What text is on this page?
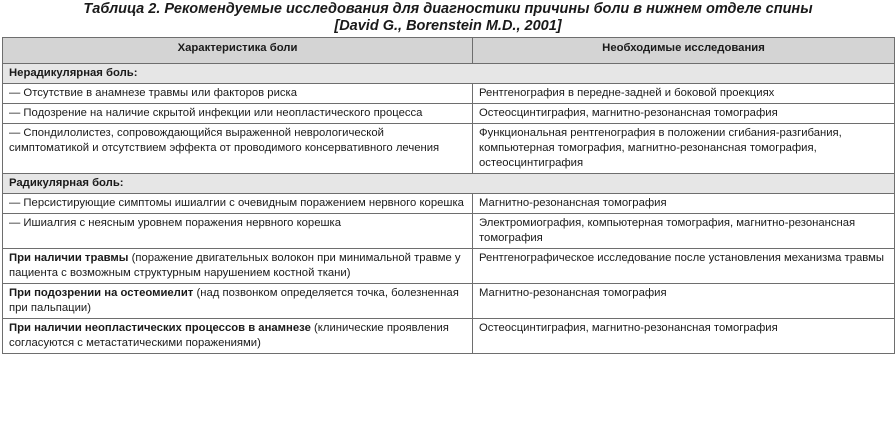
Таблица 2. Рекомендуемые исследования для диагностики причины боли в нижнем отделе спины
[David G., Borenstein M.D., 2001]
Характеристика боли	Необходимые исследования
Нерадикулярная боль:	
— Отсутствие в анамнезе травмы или факторов риска	Рентгенография в передне-задней и боковой проекциях
— Подозрение на наличие скрытой инфекции или неопластического процесса	Остеосцинтиграфия, магнитно-резонансная томография
— Спондилолистез, сопровождающийся выраженной неврологической симптоматикой и отсутствием эффекта от проводимого консервативного лечения	Функциональная рентгенография в положении сгибания-разгибания, компьютерная томография, магнитно-резонансная томография, остеосцинтиграфия
Радикулярная боль:	
— Персистирующие симптомы ишиалгии с очевидным поражением нервного корешка	Магнитно-резонансная томография
— Ишиалгия с неясным уровнем поражения нервного корешка	Электромиография, компьютерная томография, магнитно-резонансная томография
При наличии травмы (поражение двигательных волокон при минимальной травме у пациента с возможным структурным нарушением костной ткани)	Рентгенографическое исследование после установления механизма травмы
При подозрении на остеомиелит (над позвонком определяется точка, болезненная при пальпации)	Магнитно-резонансная томография
При наличии неопластических процессов в анамнезе (клинические проявления согласуются с метастатическими поражениями)	Остеосцинтиграфия, магнитно-резонансная томография
